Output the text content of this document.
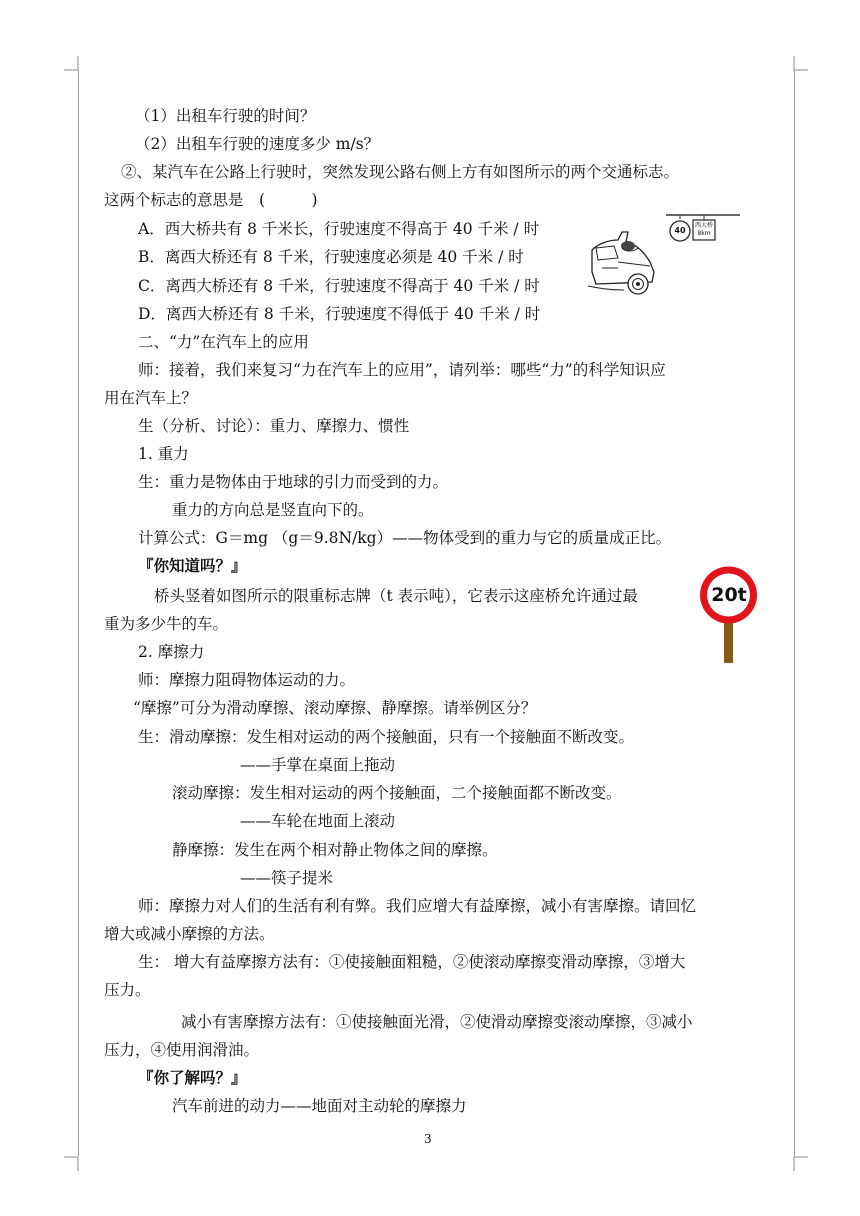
（1）出租车行驶的时间？
（2）出租车行驶的速度多少 m/s？
②、某汽车在公路上行驶时，突然发现公路右侧上方有如图所示的两个交通标志。
这两个标志的意思是　(　　　)
A．西大桥共有 8 千米长，行驶速度不得高于 40 千米 / 时
B．离西大桥还有 8 千米，行驶速度必须是 40 千米 / 时
C．离西大桥还有 8 千米，行驶速度不得高于 40 千米 / 时
D．离西大桥还有 8 千米，行驶速度不得低于 40 千米 / 时
二、“力”在汽车上的应用
师：接着，我们来复习“力在汽车上的应用”，请列举：哪些“力”的科学知识应
用在汽车上？
生（分析、讨论）：重力、摩擦力、惯性
1. 重力
生：重力是物体由于地球的引力而受到的力。
重力的方向总是竖直向下的。
计算公式：G＝mg （g＝9.8N/kg）——物体受到的重力与它的质量成正比。
『你知道吗？』
桥头竖着如图所示的限重标志牌（t 表示吨），它表示这座桥允许通过最
重为多少牛的车。
2. 摩擦力
师：摩擦力阻碍物体运动的力。
“摩擦”可分为滑动摩擦、滚动摩擦、静摩擦。请举例区分？
生：滑动摩擦：发生相对运动的两个接触面，只有一个接触面不断改变。
——手掌在桌面上拖动
滚动摩擦：发生相对运动的两个接触面，二个接触面都不断改变。
——车轮在地面上滚动
静摩擦：发生在两个相对静止物体之间的摩擦。
——筷子提米
师：摩擦力对人们的生活有利有弊。我们应增大有益摩擦，减小有害摩擦。请回忆
增大或减小摩擦的方法。
生： 增大有益摩擦方法有：①使接触面粗糙，②使滚动摩擦变滑动摩擦，③增大
压力。
减小有害摩擦方法有：①使接触面光滑，②使滑动摩擦变滚动摩擦，③减小
压力，④使用润滑油。
『你了解吗？』
汽车前进的动力——地面对主动轮的摩擦力
40
西大桥
8km
20t
3
